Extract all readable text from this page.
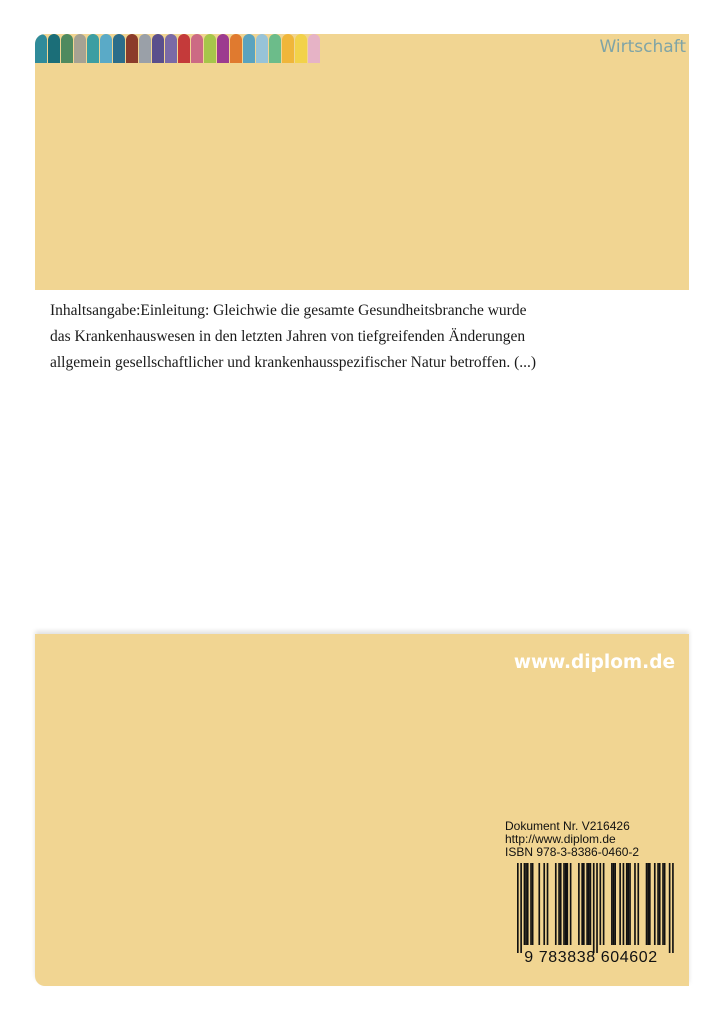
Wirtschaft

Inhaltsangabe:Einleitung: Gleichwie die gesamte Gesundheitsbranche wurde

das Krankenhauswesen in den letzten Jahren von tiefgreifenden Änderungen

allgemein gesellschaftlicher und krankenhausspezifischer Natur betroffen. (...)

www.diplom.de
Dokument Nr. V216426
http://www.diplom.de
ISBN 978-3-8386-0460-2
9 783838 604602
